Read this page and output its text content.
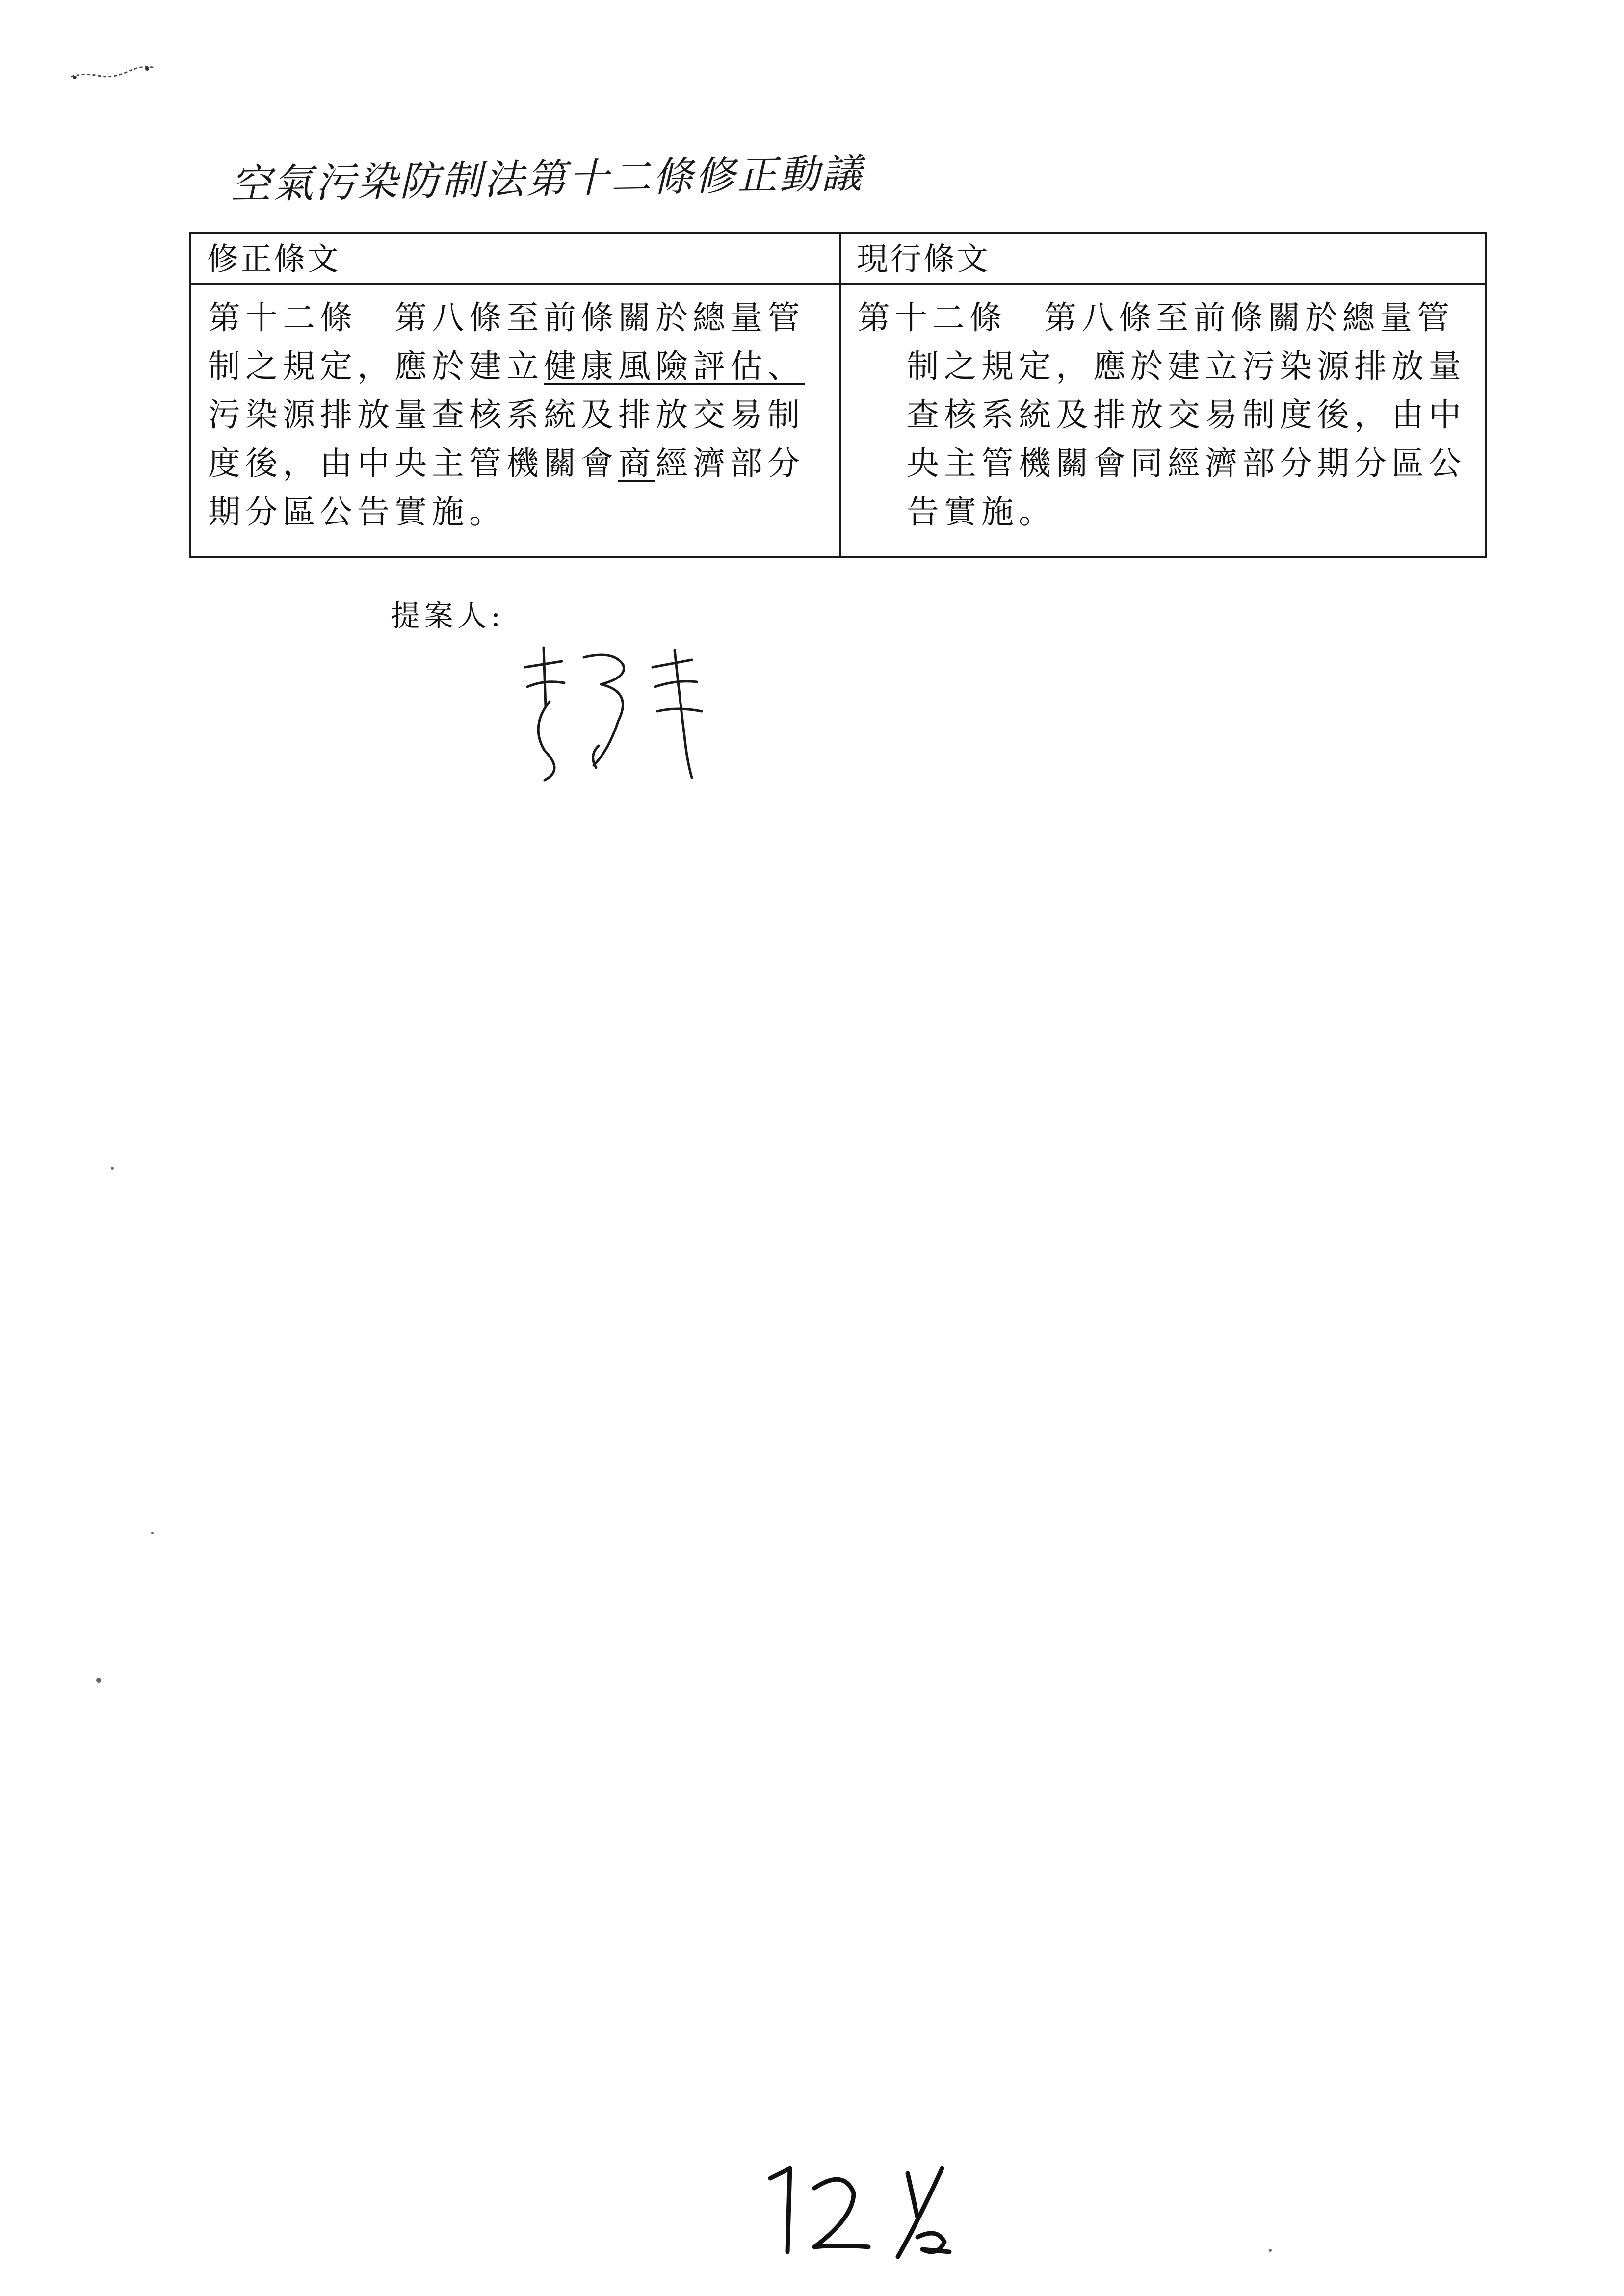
空氣污染防制法第十二條修正動議
修正條文	現行條文
第十二條　 第八條至前條關於總量管制之規定，應於建立健康風險評估、污染源排放量查核系統及排放交易制度後，由中央主管機關會商經濟部分期分區公告實施。	第十二條　 第八條至前條關於總量管制之規定，應於建立污染源排放量查核系統及排放交易制度後，由中央主管機關會同經濟部分期分區公告實施。
提案人:
